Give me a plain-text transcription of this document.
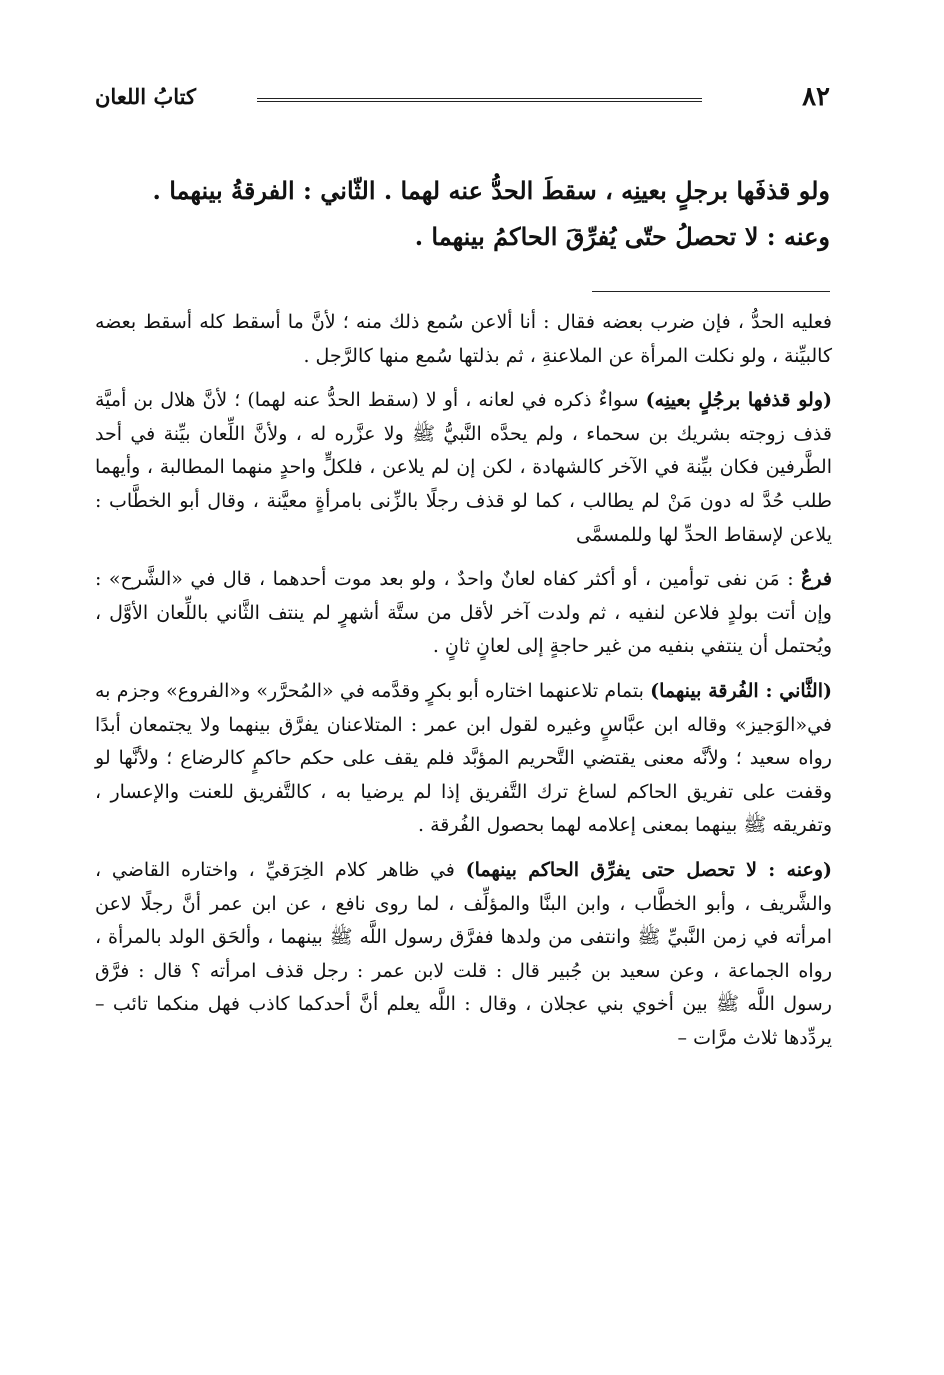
٨٢
كتابُ اللعان

ولو قذفَها برجلٍ بعينِه ، سقطَ الحدُّ عنه لهما . الثّاني : الفرقةُ بينهما .

وعنه : لا تحصلُ حتّى يُفرِّقَ الحاكمُ بينهما .

فعليه الحدُّ ، فإن ضرب بعضه فقال : أنا ألاعن سُمع ذلك منه ؛ لأنَّ ما أسقط كله أسقط بعضه كالبيِّنة ، ولو نكلت المرأة عن الملاعنةِ ، ثم بذلتها سُمع منها كالرَّجل .

(ولو قذفها برجُلٍ بعينِه) سواءٌ ذكره في لعانه ، أو لا (سقط الحدُّ عنه لهما) ؛ لأنَّ هلال بن أميَّة قذف زوجته بشريك بن سحماء ، ولم يحدَّه النَّبيُّ ﷺ ولا عزَّره له ، ولأنَّ اللِّعان بيِّنة في أحد الطَّرفين فكان بيِّنة في الآخر كالشهادة ، لكن إن لم يلاعن ، فلكلٍّ واحدٍ منهما المطالبة ، وأيهما طلب حُدَّ له دون مَنْ لم يطالب ، كما لو قذف رجلًا بالزِّنى بامرأةٍ معيَّنة ، وقال أبو الخطَّاب : يلاعن لإسقاط الحدِّ لها وللمسمَّى

فرعٌ : مَن نفى توأمين ، أو أكثر كفاه لعانٌ واحدٌ ، ولو بعد موت أحدهما ، قال في «الشَّرح» : وإن أتت بولدٍ فلاعن لنفيه ، ثم ولدت آخر لأقل من ستَّة أشهرٍ لم ينتف الثَّاني باللِّعان الأوَّل ، ويُحتمل أن ينتفي بنفيه من غير حاجةٍ إلى لعانٍ ثانٍ .

(الثَّاني : الفُرقة بينهما) بتمام تلاعنهما اختاره أبو بكرٍ وقدَّمه في «المُحرَّر» و«الفروع» وجزم به في«الوَجيز» وقاله ابن عبَّاسٍ وغيره لقول ابن عمر : المتلاعنان يفرَّق بينهما ولا يجتمعان أبدًا رواه سعيد ؛ ولأنَّه معنى يقتضي التَّحريم المؤبَّد فلم يقف على حكم حاكمٍ كالرضاع ؛ ولأنَّها لو وقفت على تفريق الحاكم لساغ ترك التَّفريق إذا لم يرضيا به ، كالتَّفريق للعنت والإعسار ، وتفريقه ﷺ بينهما بمعنى إعلامه لهما بحصول الفُرقة .

(وعنه : لا تحصل حتى يفرِّق الحاكم بينهما) في ظاهر كلام الخِرَقيِّ ، واختاره القاضي ، والشَّريف ، وأبو الخطَّاب ، وابن البنَّا والمؤلِّف ، لما روى نافع ، عن ابن عمر أنَّ رجلًا لاعن امرأته في زمن النَّبيِّ ﷺ وانتفى من ولدها ففرَّق رسول اللَّه ﷺ بينهما ، وألحَق الولد بالمرأة ، رواه الجماعة ، وعن سعيد بن جُبير قال : قلت لابن عمر : رجل قذف امرأته ؟ قال : فرَّق رسول اللَّه ﷺ بين أخوي بني عجلان ، وقال : اللَّه يعلم أنَّ أحدكما كاذب فهل منكما تائب – يردِّدها ثلاث مرَّات –
